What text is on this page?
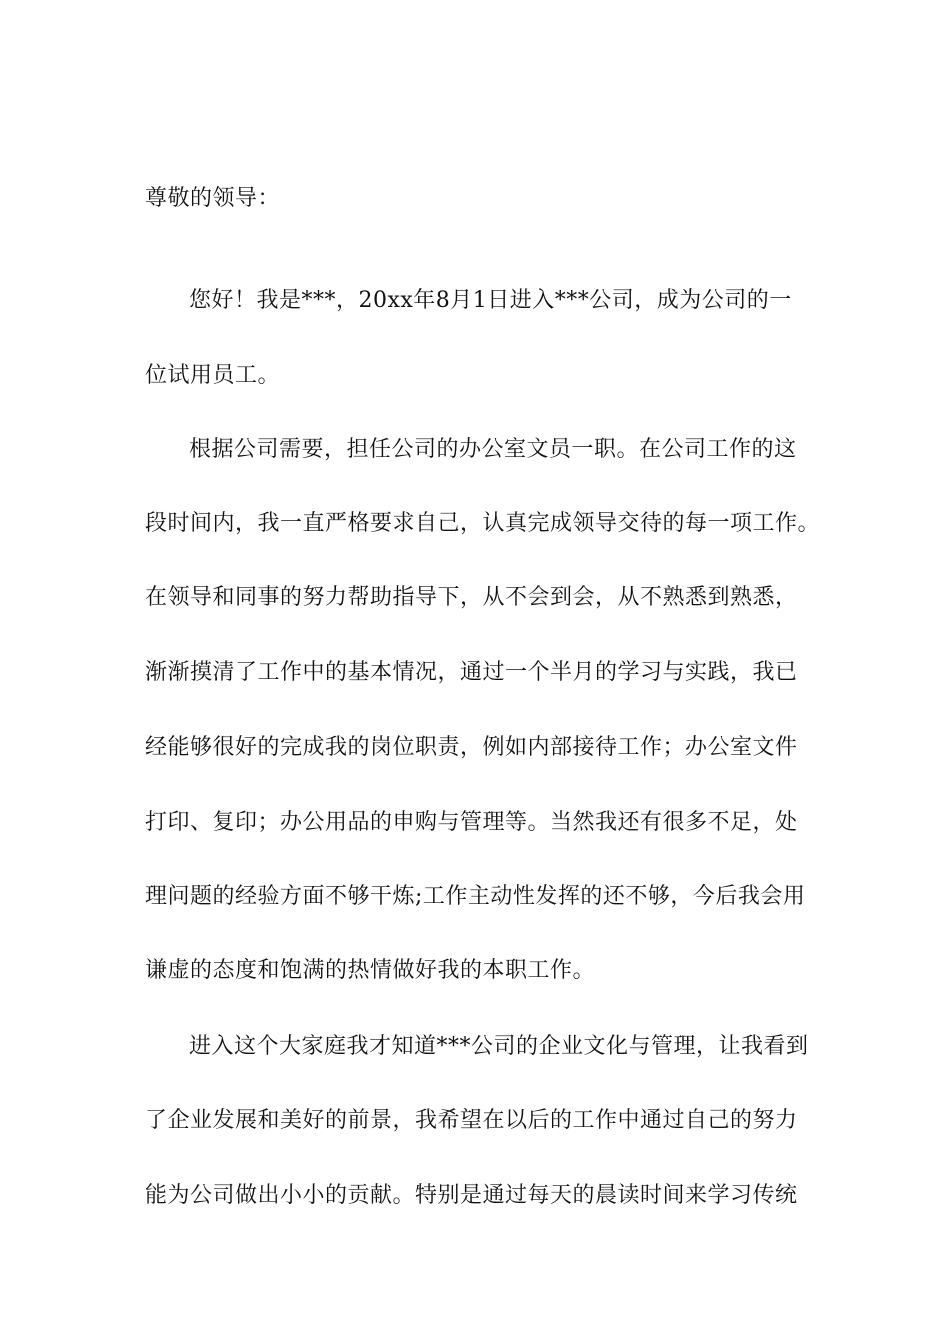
尊敬的领导：
您好！我是***，20xx年8月1日进入***公司，成为公司的一
位试用员工。
根据公司需要，担任公司的办公室文员一职。在公司工作的这
段时间内，我一直严格要求自己，认真完成领导交待的每一项工作。
在领导和同事的努力帮助指导下，从不会到会，从不熟悉到熟悉，
渐渐摸清了工作中的基本情况，通过一个半月的学习与实践，我已
经能够很好的完成我的岗位职责，例如内部接待工作；办公室文件
打印、复印；办公用品的申购与管理等。当然我还有很多不足，处
理问题的经验方面不够干炼;工作主动性发挥的还不够，今后我会用
谦虚的态度和饱满的热情做好我的本职工作。
进入这个大家庭我才知道***公司的企业文化与管理，让我看到
了企业发展和美好的前景，我希望在以后的工作中通过自己的努力
能为公司做出小小的贡献。特别是通过每天的晨读时间来学习传统
